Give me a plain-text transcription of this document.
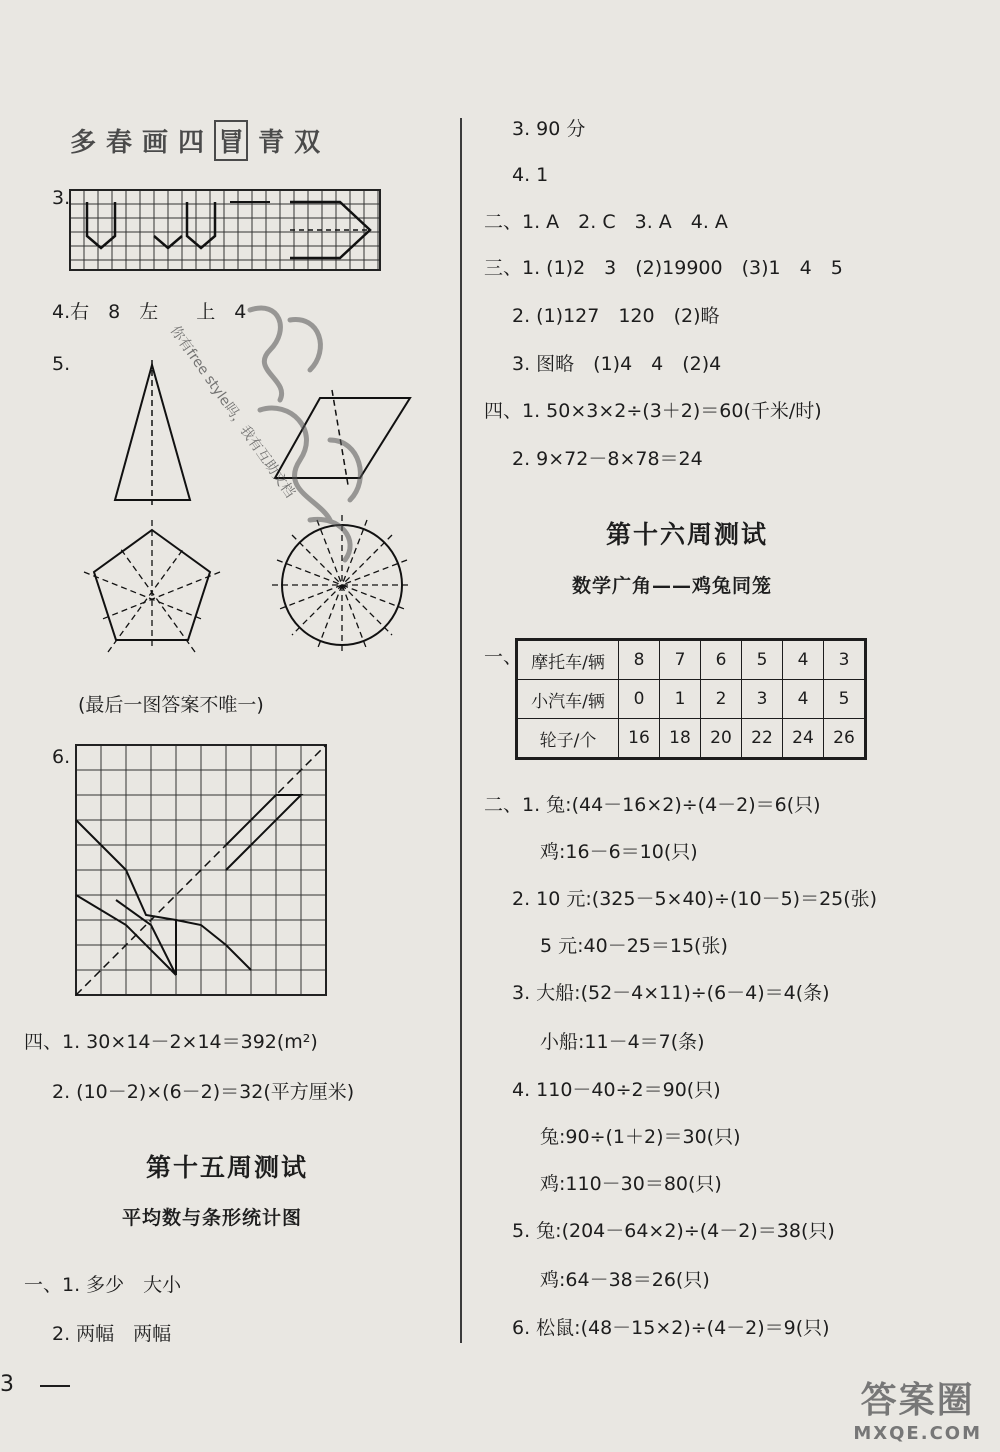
多春画四 冒 青双
3.
4.右　8　左　　上　4
5.	你有free style吗，我有互助文档
(最后一图答案不唯一)
6.
四、1. 30×14－2×14＝392(m²)
2. (10－2)×(6－2)＝32(平方厘米)
第十五周测试
平均数与条形统计图
一、1. 多少　大小
2. 两幅　两幅
3. 90 分
4. 1
二、1. A　2. C　3. A　4. A
三、1. (1)2　3　(2)19900　(3)1　4　5
2. (1)127　120　(2)略
3. 图略　(1)4　4　(2)4
四、1. 50×3×2÷(3＋2)＝60(千米/时)
2. 9×72－8×78＝24
第十六周测试
数学广角——鸡兔同笼
一、 摩托车/辆	8	7	6	5	4	3
小汽车/辆	0	1	2	3	4	5
轮子/个	16	18	20	22	24	26
二、1. 兔:(44－16×2)÷(4－2)＝6(只)
鸡:16－6＝10(只)
2. 10 元:(325－5×40)÷(10－5)＝25(张)
5 元:40－25＝15(张)
3. 大船:(52－4×11)÷(6－4)＝4(条)
小船:11－4＝7(条)
4. 110－40÷2＝90(只)
兔:90÷(1＋2)＝30(只)
鸡:110－30＝80(只)
5. 兔:(204－64×2)÷(4－2)＝38(只)
鸡:64－38＝26(只)
6. 松鼠:(48－15×2)÷(4－2)＝9(只)
3	答案圈
MXQE.COM
